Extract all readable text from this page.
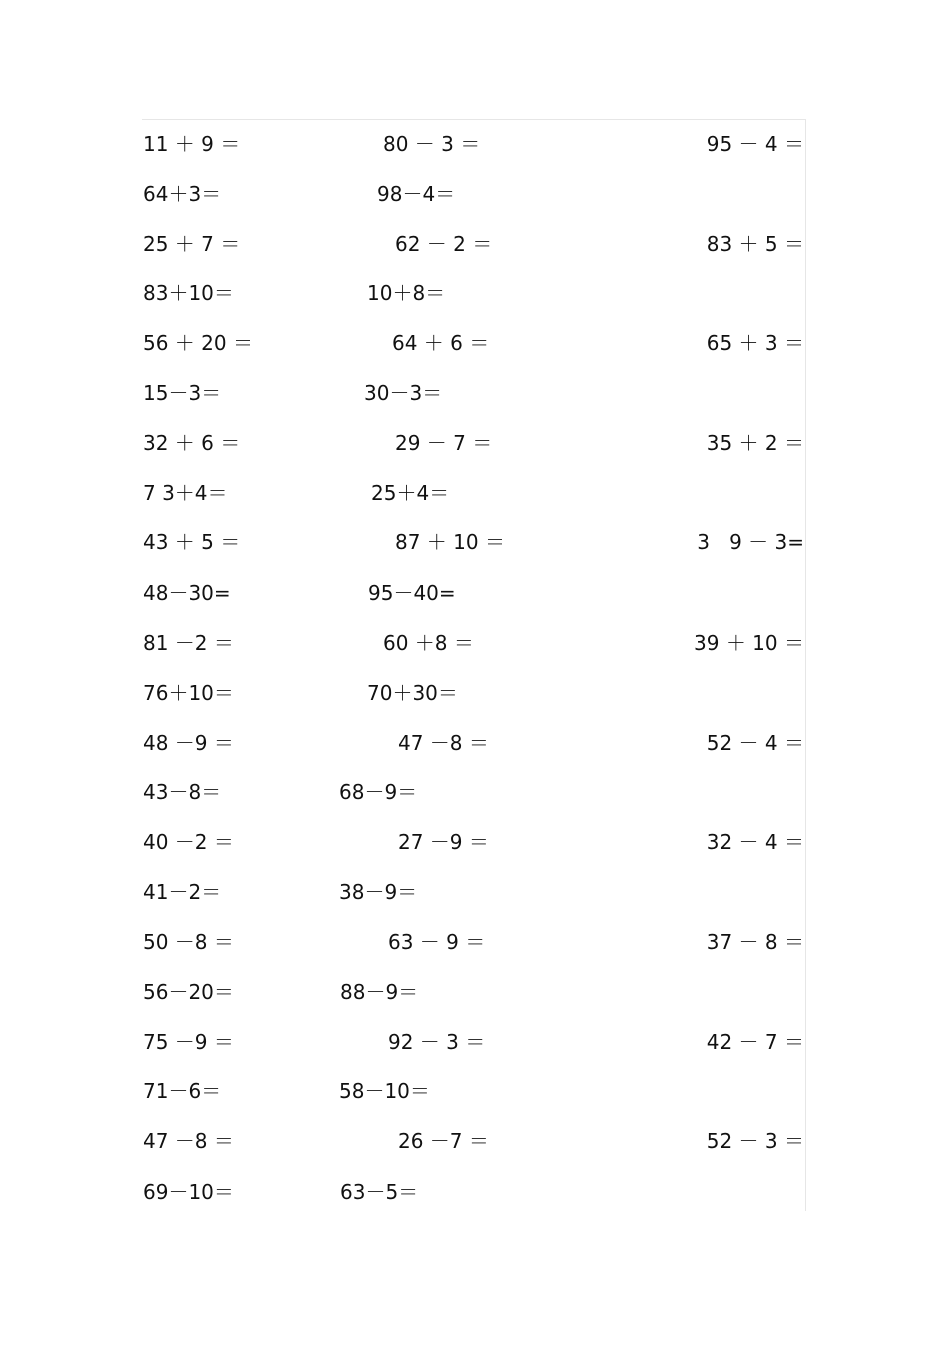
11 ＋ 9 ＝	80 － 3 ＝	95 － 4 ＝
64＋3＝	98－4＝
25 ＋ 7 ＝	62 － 2 ＝	83 ＋ 5 ＝
83＋10＝	10＋8＝
56 ＋ 20 ＝	64 ＋ 6 ＝	65 ＋ 3 ＝
15－3＝	30－3＝
32 ＋ 6 ＝	29 － 7 ＝	35 ＋ 2 ＝
7 3＋4＝	25＋4＝
43 ＋ 5 ＝	87 ＋ 10 ＝	3   9 － 3=
48－30=	95－40=
81 －2 ＝	60 ＋8 ＝	39 ＋ 10 ＝
76＋10＝	70＋30＝
48 －9 ＝	47 －8 ＝	52 － 4 ＝
43－8＝	68－9＝
40 －2 ＝	27 －9 ＝	32 － 4 ＝
41－2＝	38－9＝
50 －8 ＝	63 － 9 ＝	37 － 8 ＝
56－20＝	88－9＝
75 －9 ＝	92 － 3 ＝	42 － 7 ＝
71－6＝	58－10＝
47 －8 ＝	26 －7 ＝	52 － 3 ＝
69－10＝	63－5＝
